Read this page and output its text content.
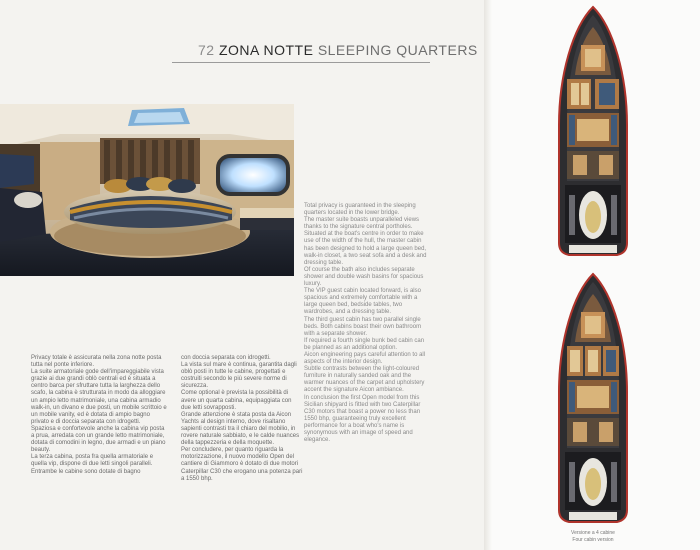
72 ZONA NOTTE SLEEPING QUARTERS

Privacy totale è assicurata nella zona notte posta tutta nel ponte inferiore.

La suite armatoriale gode dell'impareggiabile vista grazie ai due grandi oblò centrali ed è situata a centro barca per sfruttare tutta la larghezza dello scafo, la cabina è strutturata in modo da alloggiare un ampio letto matrimoniale, una cabina armadio walk-in, un divano e due posti, un mobile scrittoio e un mobile vanity, ed è dotata di ampio bagno privato e di doccia separata con idrogetti.

Spaziosa e confortevole anche la cabina vip posta a prua, arredata con un grande letto matrimoniale, dotata di comodini in legno, due armadi e un piano beauty.

La terza cabina, posta fra quella armatoriale e quella vip, dispone di due letti singoli paralleli.

Entrambe le cabine sono dotate di bagno

con doccia separata con idrogetti.

La vista sul mare è continua, garantita dagli oblò posti in tutte le cabine, progettati e costruiti secondo le più severe norme di sicurezza.

Come optional è prevista la possibilità di avere un quarta cabina, equipaggiata con due letti sovrapposti.

Grande attenzione è stata posta da Aicon Yachts al design interno, dove risaltano sapienti contrasti tra il chiaro del mobilio, in rovere naturale sabbiato, e le calde nuances della tappezzeria e della moquette.

Per concludere, per quanto riguarda la motorizzazione, il nuovo modello Open del cantiere di Giammoro è dotato di due motori Caterpillar C30 che erogano una potenza pari a 1550 bhp.

Total privacy is guaranteed in the sleeping quarters located in the lower bridge.

The master suite boasts unparalleled views thanks to the signature central portholes.

Situated at the boat's centre in order to make use of the width of the hull, the master cabin has been designed to hold a large queen bed, walk-in closet, a two seat sofa and a desk and dressing table.

Of course the bath also includes separate shower and double wash basins for spacious luxury.

The VIP guest cabin located forward, is also spacious and extremely comfortable with a large queen bed, bedside tables, two wardrobes, and a dressing table.

The third guest cabin has two parallel single beds. Both cabins boast their own bathroom with a separate shower.

If required a fourth single bunk bed cabin can be planned as an additional option.

Aicon engineering pays careful attention to all aspects of the interior design.

Subtle contrasts between the light-coloured furniture in naturally sanded oak and the warmer nuances of the carpet and upholstery accent the signature Aicon ambiance.

In conclusion the first Open model from this Sicilian shipyard is fitted with two Caterpillar C30 motors that boast a power no less than 1550 bhp, guaranteeing truly excellent performance for a boat who's name is synonymous with an image of speed and elegance.

Versione a 4 cabine
Four cabin version
